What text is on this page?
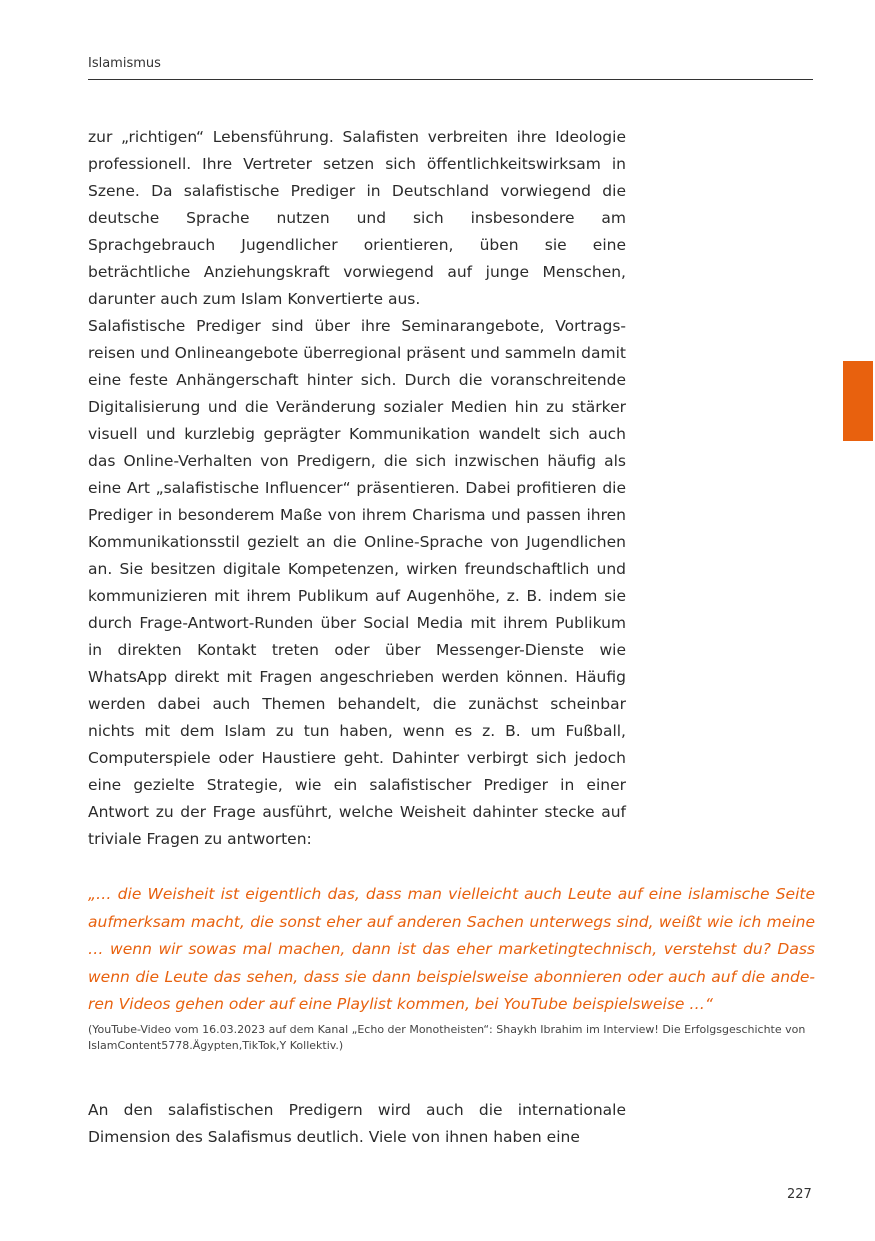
Islamismus

zur „richtigen“ Lebensführung. Salafisten verbreiten ihre Ideologie professionell. Ihre Vertreter setzen sich öffentlichkeitswirksam in Szene. Da salafistische Prediger in Deutschland vorwiegend die deutsche Sprache nutzen und sich insbesondere am Sprachgebrauch Jugendlicher orientieren, üben sie eine beträchtliche Anziehungskraft vorwiegend auf junge Menschen, darunter auch zum Islam Konvertierte aus.

Salafistische Prediger sind über ihre Seminarangebote, Vortragsreisen und Onlineangebote überregional präsent und sammeln damit eine feste Anhängerschaft hinter sich. Durch die voranschreitende Digitalisierung und die Veränderung sozialer Medien hin zu stärker visuell und kurzlebig geprägter Kommunikation wandelt sich auch das Online-Verhalten von Predigern, die sich inzwischen häufig als eine Art „salafistische Influencer“ präsentieren. Dabei profitieren die Prediger in besonderem Maße von ihrem Charisma und passen ihren Kommunikationsstil gezielt an die Online-Sprache von Jugendlichen an. Sie besitzen digitale Kompetenzen, wirken freundschaftlich und kommunizieren mit ihrem Publikum auf Augenhöhe, z. B. indem sie durch Frage-Antwort-Runden über Social Media mit ihrem Publikum in direkten Kontakt treten oder über Messenger-Dienste wie WhatsApp direkt mit Fragen angeschrieben werden können. Häufig werden dabei auch Themen behandelt, die zunächst scheinbar nichts mit dem Islam zu tun haben, wenn es z. B. um Fußball, Computerspiele oder Haustiere geht. Dahinter verbirgt sich jedoch eine gezielte Strategie, wie ein salafistischer Prediger in einer Antwort zu der Frage ausführt, welche Weisheit dahinter stecke auf triviale Fragen zu antworten:

„… die Weisheit ist eigentlich das, dass man vielleicht auch Leute auf eine islamische Seite aufmerksam macht, die sonst eher auf anderen Sachen unterwegs sind, weißt wie ich meine … wenn wir sowas mal machen, dann ist das eher marketingtechnisch, verstehst du? Dass wenn die Leute das sehen, dass sie dann beispielsweise abonnieren oder auch auf die anderen Videos gehen oder auf eine Playlist kommen, bei YouTube beispielsweise …“

(YouTube-Video vom 16.03.2023 auf dem Kanal „Echo der Monotheisten“: Shaykh Ibrahim im Interview! Die Erfolgsgeschichte von IslamContent5778.Ägypten,TikTok,Y Kollektiv.)

An den salafistischen Predigern wird auch die internationale Dimension des Salafismus deutlich. Viele von ihnen haben eine

227
